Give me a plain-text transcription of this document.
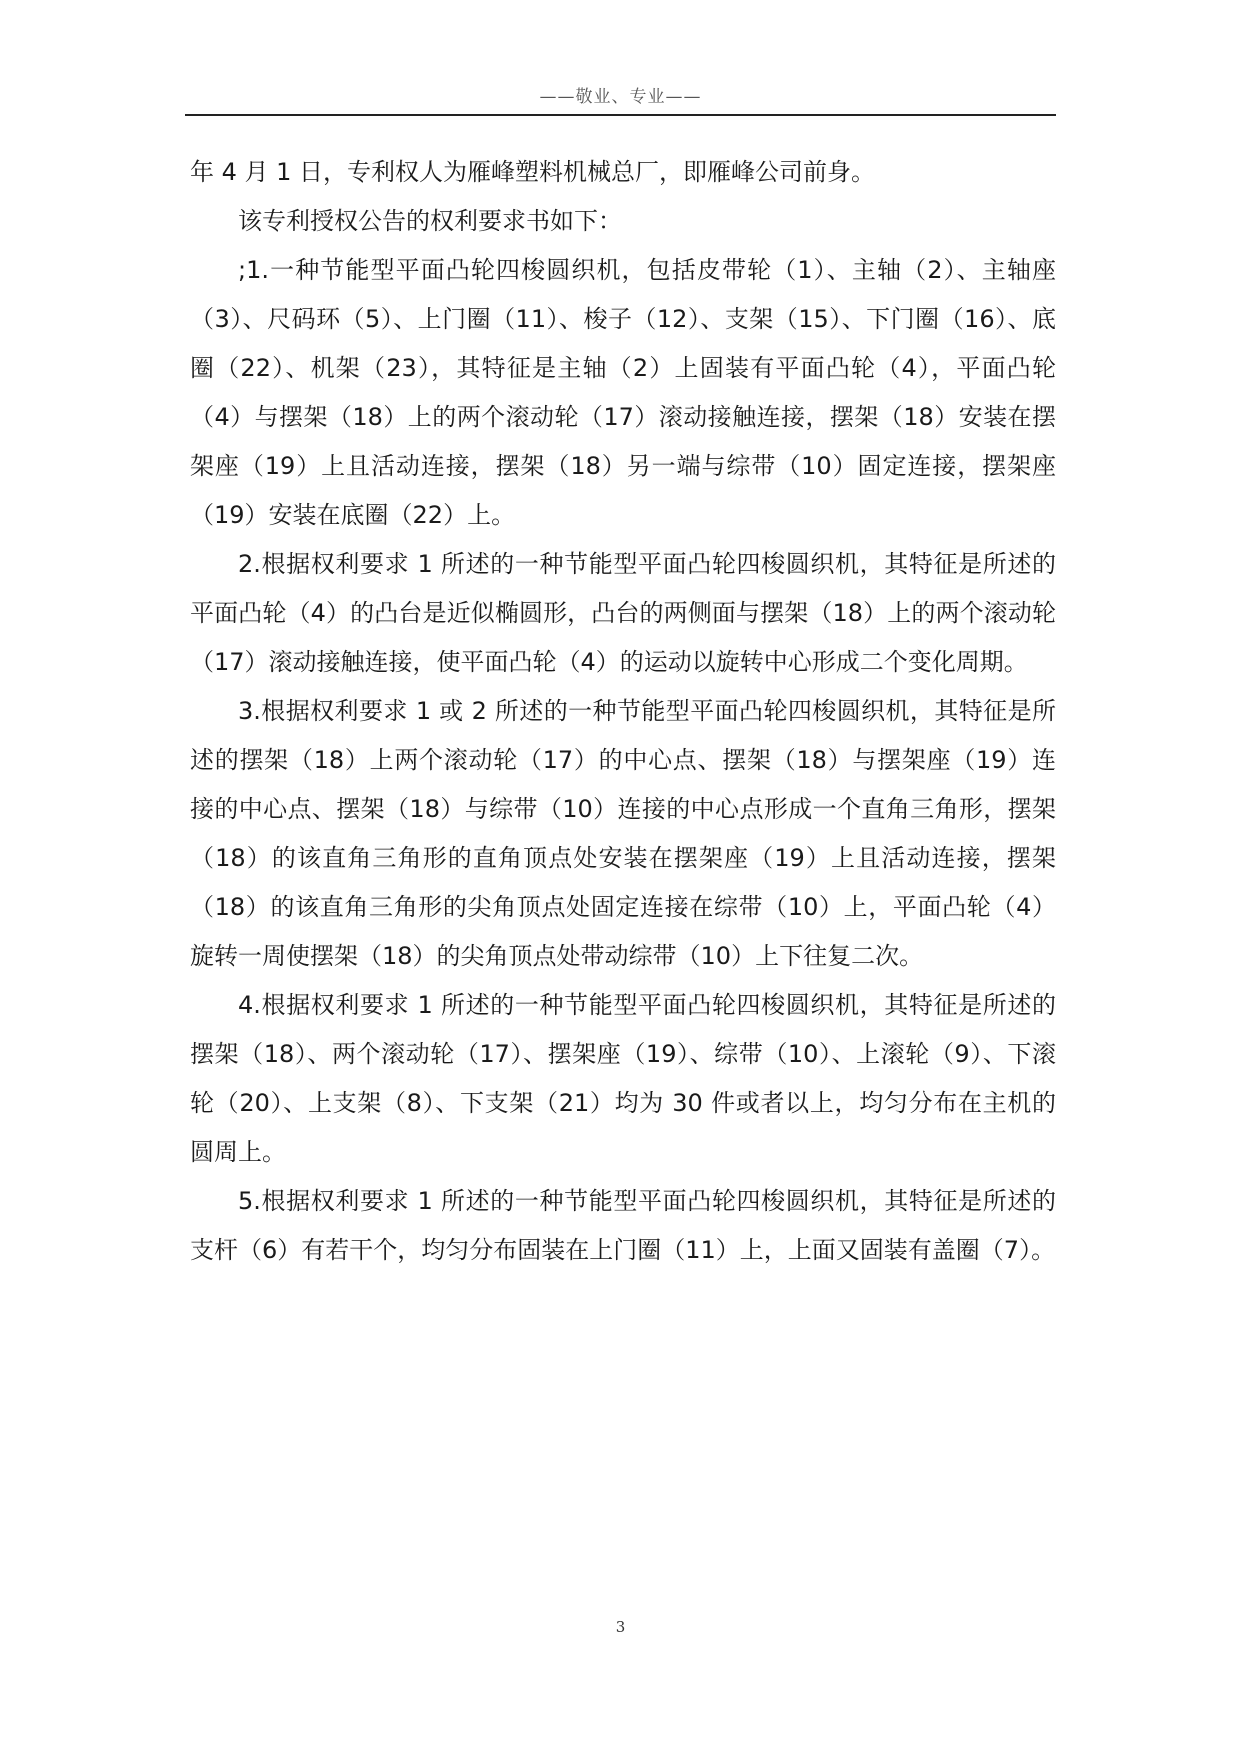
——敬业、专业——

年 4 月 1 日，专利权人为雁峰塑料机械总厂，即雁峰公司前身。

该专利授权公告的权利要求书如下：

;1.一种节能型平面凸轮四梭圆织机，包括皮带轮（1）、主轴（2）、主轴座（3）、尺码环（5）、上门圈（11）、梭子（12）、支架（15）、下门圈（16）、底圈（22）、机架（23），其特征是主轴（2）上固装有平面凸轮（4），平面凸轮（4）与摆架（18）上的两个滚动轮（17）滚动接触连接，摆架（18）安装在摆架座（19）上且活动连接，摆架（18）另一端与综带（10）固定连接，摆架座（19）安装在底圈（22）上。

2.根据权利要求 1 所述的一种节能型平面凸轮四梭圆织机，其特征是所述的平面凸轮（4）的凸台是近似椭圆形，凸台的两侧面与摆架（18）上的两个滚动轮（17）滚动接触连接，使平面凸轮（4）的运动以旋转中心形成二个变化周期。

3.根据权利要求 1 或 2 所述的一种节能型平面凸轮四梭圆织机，其特征是所述的摆架（18）上两个滚动轮（17）的中心点、摆架（18）与摆架座（19）连接的中心点、摆架（18）与综带（10）连接的中心点形成一个直角三角形，摆架（18）的该直角三角形的直角顶点处安装在摆架座（19）上且活动连接，摆架（18）的该直角三角形的尖角顶点处固定连接在综带（10）上，平面凸轮（4）旋转一周使摆架（18）的尖角顶点处带动综带（10）上下往复二次。

4.根据权利要求 1 所述的一种节能型平面凸轮四梭圆织机，其特征是所述的摆架（18）、两个滚动轮（17）、摆架座（19）、综带（10）、上滚轮（9）、下滚轮（20）、上支架（8）、下支架（21）均为 30 件或者以上，均匀分布在主机的圆周上。

5.根据权利要求 1 所述的一种节能型平面凸轮四梭圆织机，其特征是所述的支杆（6）有若干个，均匀分布固装在上门圈（11）上，上面又固装有盖圈（7）。

3
